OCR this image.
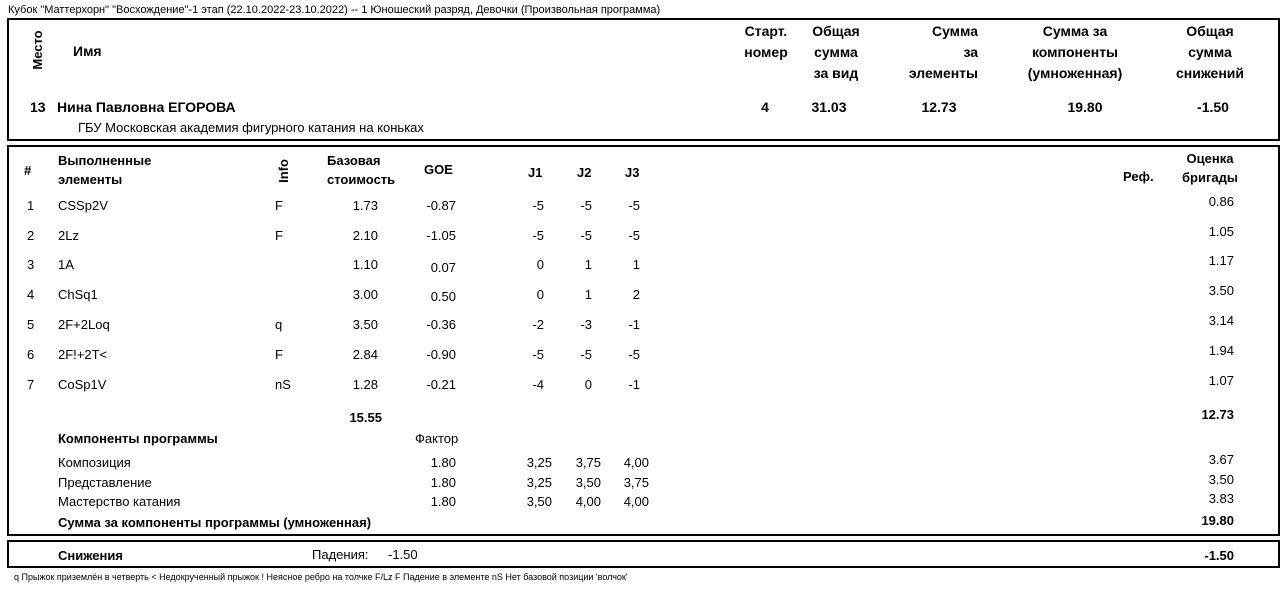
Кубок "Маттерхорн" "Восхождение"-1 этап (22.10.2022-23.10.2022) -- 1 Юношеский разряд, Девочки (Произвольная программа)
Место Имя
Старт.
номер
Общая
сумма
за вид
Сумма
за
элементы
Сумма за
компоненты
(умноженная)
Общая
сумма
снижений
13 Нина Павловна ЕГОРОВА
ГБУ Московская академия фигурного катания на коньках
4	31.03	12.73	19.80	-1.50
#
Выполненные
элементы	Info	Базовая
стоимость
GOE	J1	J2	J3	Реф.
Оценка
бригады
1	CSSp2V	F	1.73	-0.87	-5	-5	-5	0.86
2	2Lz	F	2.10	-1.05	-5	-5	-5	1.05
3	1A	1.10	0.07	0	1	1	1.17
4	ChSq1	3.00	0.50	0	1	2	3.50
5	2F+2Loq	q	3.50	-0.36	-2	-3	-1	3.14
6	2F!+2T<	F	2.84	-0.90	-5	-5	-5	1.94
7	CoSp1V	nS	1.28	-0.21	-4	0	-1	1.07
15.55	12.73
Компоненты программы	Фактор
Композиция	1.80	3,25	3,75	4,00	3.67
Представление	1.80	3,25	3,50	3,75	3.50
Мастерство катания	1.80	3,50	4,00	4,00	3.83
Сумма за компоненты программы (умноженная)	19.80
Снижения	Падения: -1.50	-1.50
q Прыжок приземлён в четверть < Недокрученный прыжок ! Неясное ребро на толчке F/Lz F Падение в элементе nS Нет базовой позиции 'волчок'
